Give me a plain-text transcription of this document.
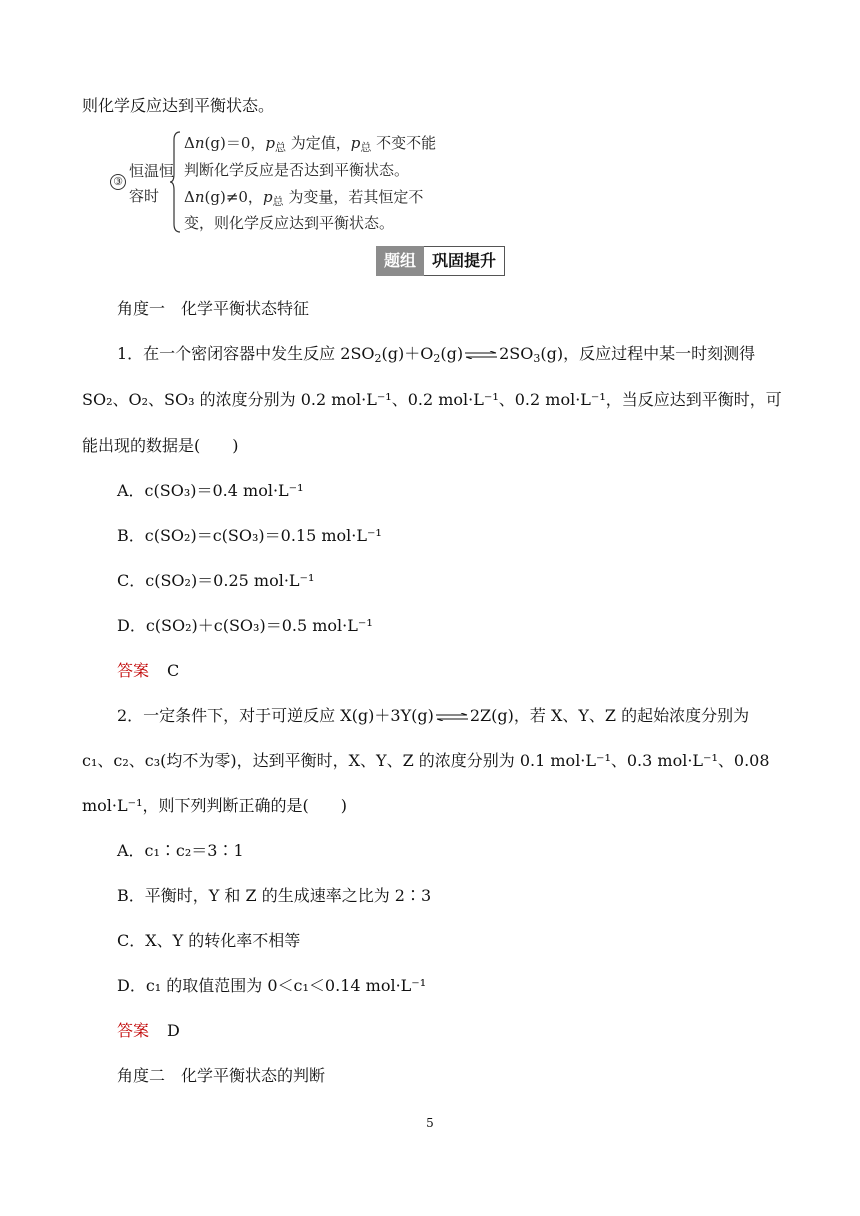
则化学反应达到平衡状态。
③
恒温恒
容时
Δn(g)＝0，$p_总$ 为定值，$p_总$ 不变不能
判断化学反应是否达到平衡状态。
Δn(g)≠0，$p_总$ 为变量，若其恒定不
变，则化学反应达到平衡状态。
题组	巩固提升
角度一　化学平衡状态特征
1．在一个密闭容器中发生反应 $2SO_2(g)+O_2(g)\rightleftharpoons 2SO_3(g)$，反应过程中某一时刻测得
SO₂、O₂、SO₃ 的浓度分别为 0.2 mol·L⁻¹、0.2 mol·L⁻¹、0.2 mol·L⁻¹，当反应达到平衡时，可
能出现的数据是(　　)
A．c(SO₃)＝0.4 mol·L⁻¹
B．c(SO₂)＝c(SO₃)＝0.15 mol·L⁻¹
C．c(SO₂)＝0.25 mol·L⁻¹
D．c(SO₂)＋c(SO₃)＝0.5 mol·L⁻¹
答案 C
2．一定条件下，对于可逆反应 X(g)＋3Y(g)⇌2Z(g)，若 X、Y、Z 的起始浓度分别为
c₁、c₂、c₃(均不为零)，达到平衡时，X、Y、Z 的浓度分别为 0.1 mol·L⁻¹、0.3 mol·L⁻¹、0.08
mol·L⁻¹，则下列判断正确的是(　　)
A．c₁∶c₂＝3∶1
B．平衡时，Y 和 Z 的生成速率之比为 2∶3
C．X、Y 的转化率不相等
D．c₁ 的取值范围为 0＜c₁＜0.14 mol·L⁻¹
答案 D
角度二　化学平衡状态的判断
5
